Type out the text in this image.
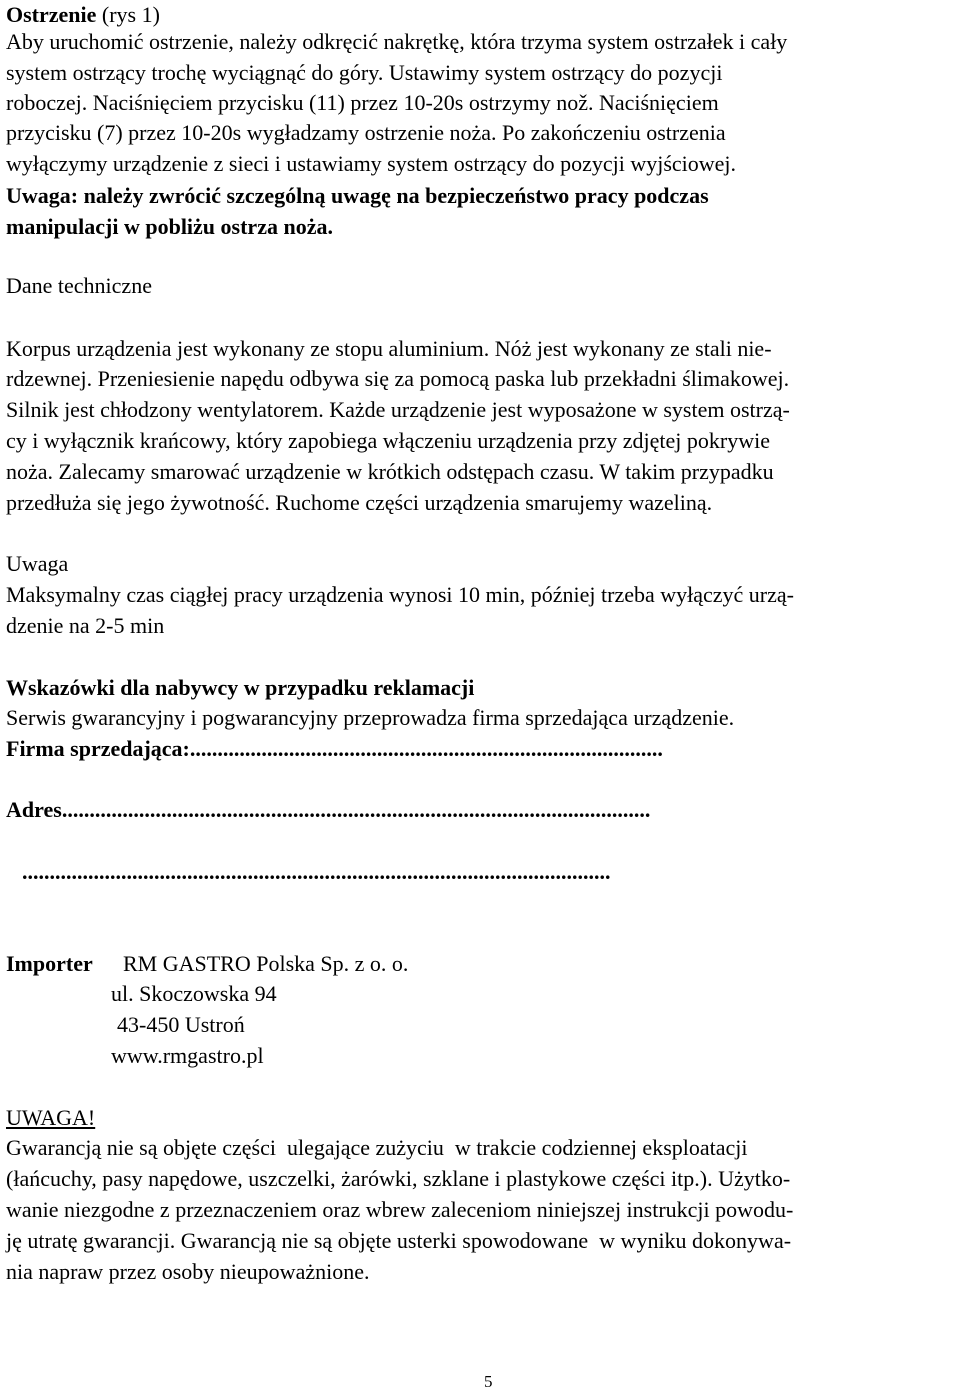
Ostrzenie (rys 1)
Aby uruchomić ostrzenie, należy odkręcić nakrętkę, która trzyma system ostrzałek i cały
system ostrzący trochę wyciągnąć do góry. Ustawimy system ostrzący do pozycji
roboczej. Naciśnięciem przycisku (11) przez 10-20s ostrzymy nož. Naciśnięciem
przycisku (7) przez 10-20s wygładzamy ostrzenie noża. Po zakończeniu ostrzenia
wyłączymy urządzenie z sieci i ustawiamy system ostrzący do pozycji wyjściowej.
Uwaga: należy zwrócić szczególną uwagę na bezpieczeństwo pracy podczas
manipulacji w pobliżu ostrza noża.
Dane techniczne
Korpus urządzenia jest wykonany ze stopu aluminium. Nóż jest wykonany ze stali nie-
rdzewnej. Przeniesienie napędu odbywa się za pomocą paska lub przekładni ślimakowej.
Silnik jest chłodzony wentylatorem. Każde urządzenie jest wyposażone w system ostrzą-
cy i wyłącznik krańcowy, który zapobiega włączeniu urządzenia przy zdjętej pokrywie
noża. Zalecamy smarować urządzenie w krótkich odstępach czasu. W takim przypadku
przedłuża się jego żywotność. Ruchome części urządzenia smarujemy wazeliną.
Uwaga
Maksymalny czas ciągłej pracy urządzenia wynosi 10 min, później trzeba wyłączyć urzą-
dzenie na 2-5 min
Wskazówki dla nabywcy w przypadku reklamacji
Serwis gwarancyjny i pogwarancyjny przeprowadza firma sprzedająca urządzenie.
Firma sprzedająca:......................................................................................
Adres...........................................................................................................
...........................................................................................................
Importer RM GASTRO Polska Sp. z o. o.
ul. Skoczowska 94
43-450 Ustroń
www.rmgastro.pl
UWAGA!
Gwarancją nie są objęte części  ulegające zużyciu  w trakcie codziennej eksploatacji
(łańcuchy, pasy napędowe, uszczelki, żarówki, szklane i plastykowe części itp.). Użytko-
wanie niezgodne z przeznaczeniem oraz wbrew zaleceniom niniejszej instrukcji powodu-
ję utratę gwarancji. Gwarancją nie są objęte usterki spowodowane  w wyniku dokonywa-
nia napraw przez osoby nieupoważnione.
5
